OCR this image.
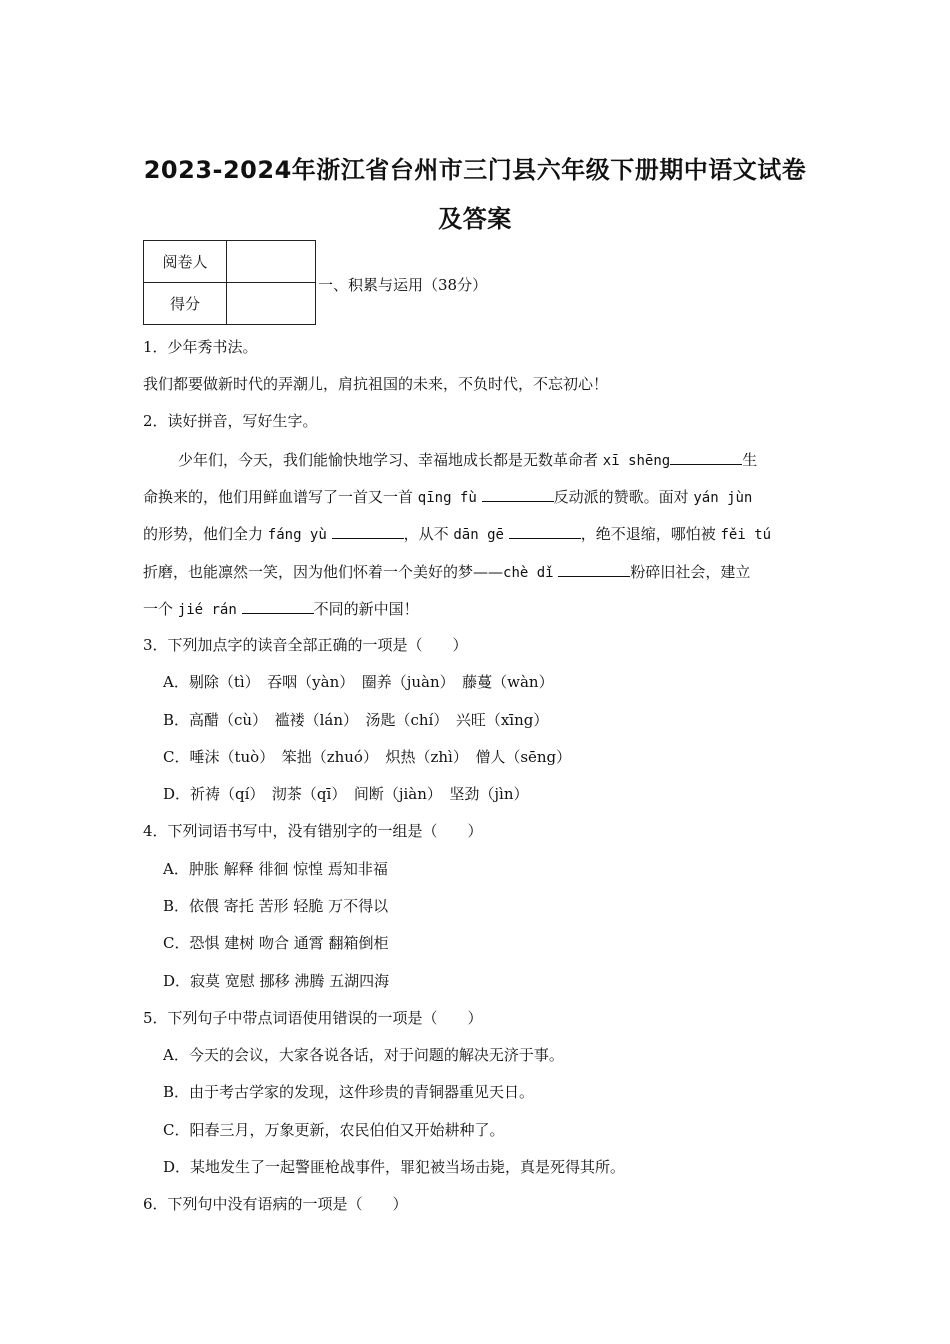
2023-2024年浙江省台州市三门县六年级下册期中语文试卷
及答案
阅卷人	
得分	
一、积累与运用（38分）
1．少年秀书法。
我们都要做新时代的弄潮儿，肩抗祖国的未来，不负时代，不忘初心！
2．读好拼音，写好生字。
少年们，今天，我们能愉快地学习、幸福地成长都是无数革命者 xī shēng	生
命换来的，他们用鲜血谱写了一首又一首 qīng fù	反动派的赞歌。面对 yán jùn
的形势，他们全力 fáng yù	，从不 dān gē	，绝不退缩，哪怕被 fěi tú
折磨，也能凛然一笑，因为他们怀着一个美好的梦——chè dǐ	粉碎旧社会，建立
一个 jié rán	不同的新中国！
3．下列加点字的读音全部正确的一项是（　　）
A．剔除（tì）　吞咽（yàn）　圈养（juàn）　藤蔓（wàn）
B．高醋（cù）　褴褛（lán）　汤匙（chí）　兴旺（xīng）
C．唾沫（tuò）　笨拙（zhuó）　炽热（zhì）　僧人（sēng）
D．祈祷（qí）　沏茶（qī）　间断（jiàn）　坚劲（jìn）
4．下列词语书写中，没有错别字的一组是（　　）
A．肿胀 解释 徘徊 惊惶 焉知非福
B．依偎 寄托 苦形 轻脆 万不得以
C．恐惧 建树 吻合 通霄 翻箱倒柜
D．寂莫 宽慰 挪移 沸腾 五湖四海
5．下列句子中带点词语使用错误的一项是（　　）
A．今天的会议，大家各说各话，对于问题的解决无济于事。
B．由于考古学家的发现，这件珍贵的青铜器重见天日。
C．阳春三月，万象更新，农民伯伯又开始耕种了。
D．某地发生了一起警匪枪战事件，罪犯被当场击毙，真是死得其所。
6．下列句中没有语病的一项是（　　）
